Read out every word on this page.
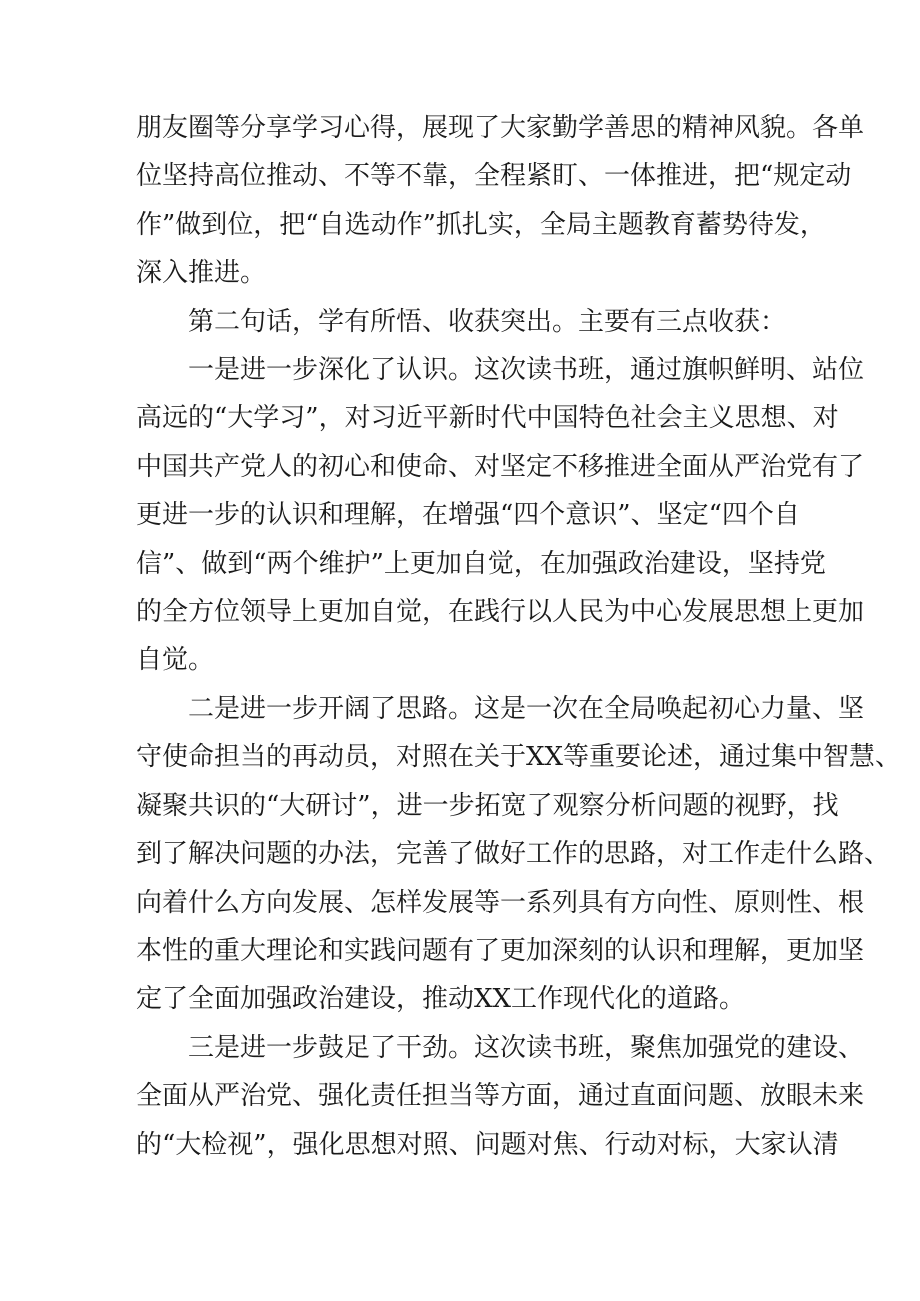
朋友圈等分享学习心得，展现了大家勤学善思的精神风貌。各单
位坚持高位推动、不等不靠，全程紧盯、一体推进，把“规定动
作”做到位，把“自选动作”抓扎实，全局主题教育蓄势待发，
深入推进。
第二句话，学有所悟、收获突出。主要有三点收获：
一是进一步深化了认识。这次读书班，通过旗帜鲜明、站位
高远的“大学习”，对习近平新时代中国特色社会主义思想、对
中国共产党人的初心和使命、对坚定不移推进全面从严治党有了
更进一步的认识和理解，在增强“四个意识”、坚定“四个自
信”、做到“两个维护”上更加自觉，在加强政治建设，坚持党
的全方位领导上更加自觉，在践行以人民为中心发展思想上更加
自觉。
二是进一步开阔了思路。这是一次在全局唤起初心力量、坚
守使命担当的再动员，对照在关于XX等重要论述，通过集中智慧、
凝聚共识的“大研讨”，进一步拓宽了观察分析问题的视野，找
到了解决问题的办法，完善了做好工作的思路，对工作走什么路、
向着什么方向发展、怎样发展等一系列具有方向性、原则性、根
本性的重大理论和实践问题有了更加深刻的认识和理解，更加坚
定了全面加强政治建设，推动XX工作现代化的道路。
三是进一步鼓足了干劲。这次读书班，聚焦加强党的建设、
全面从严治党、强化责任担当等方面，通过直面问题、放眼未来
的“大检视”，强化思想对照、问题对焦、行动对标，大家认清
